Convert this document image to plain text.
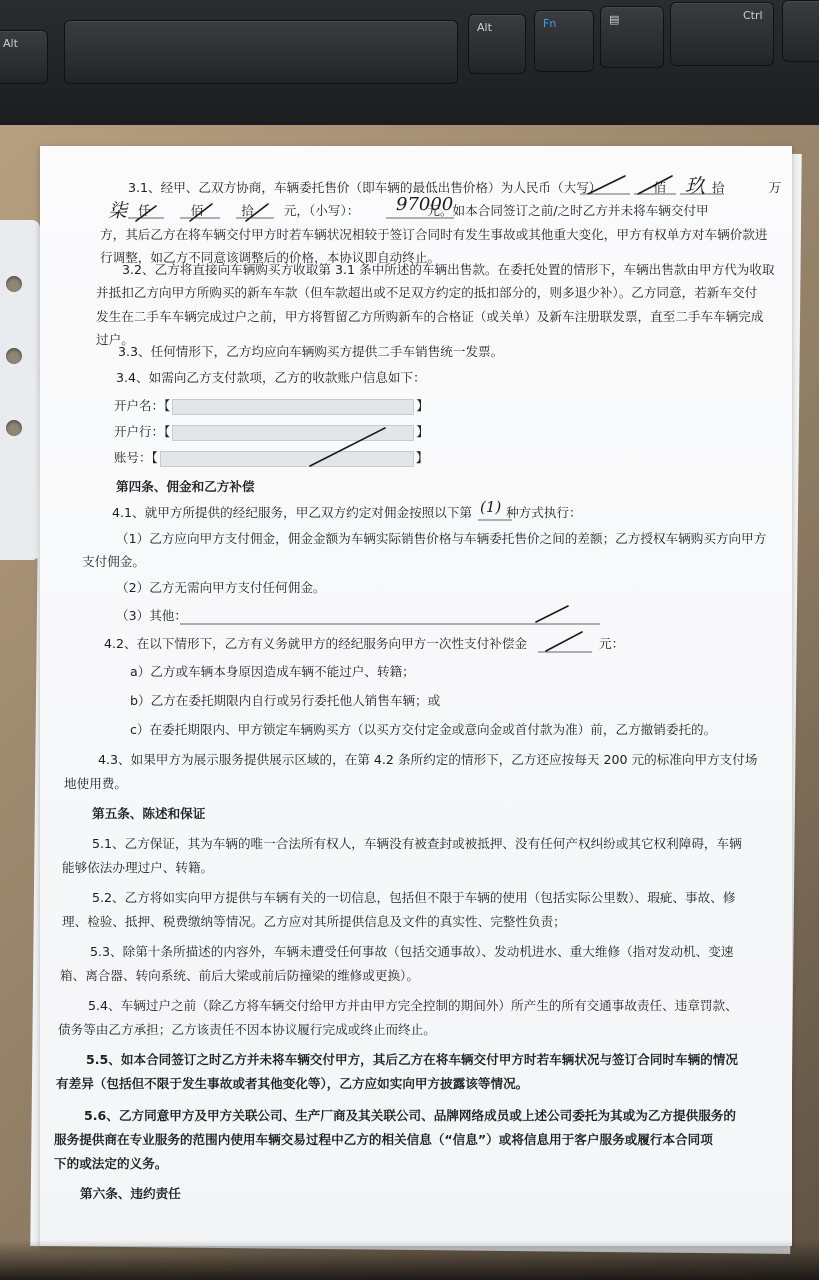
Alt
Alt	Fn	▤	Ctrl
3.1、经甲、乙双方协商，车辆委托售价（即车辆的最低出售价格）为人民币（大写）	佰	拾	万
仟	佰	拾 元，（小写）：	元。如本合同签订之前/之时乙方并未将车辆交付甲
方，其后乙方在将车辆交付甲方时若车辆状况相较于签订合同时有发生事故或其他重大变化，甲方有权单方对车辆价款进
行调整，如乙方不同意该调整后的价格，本协议即自动终止。
玖
柒	97000
3.2、乙方将直接向车辆购买方收取第 3.1 条中所述的车辆出售款。在委托处置的情形下，车辆出售款由甲方代为收取
并抵扣乙方向甲方所购买的新车车款（但车款超出或不足双方约定的抵扣部分的，则多退少补）。乙方同意，若新车交付
发生在二手车车辆完成过户之前，甲方将暂留乙方所购新车的合格证（或关单）及新车注册联发票，直至二手车车辆完成
过户。
3.3、任何情形下，乙方均应向车辆购买方提供二手车销售统一发票。
3.4、如需向乙方支付款项，乙方的收款账户信息如下：
开户名：【	】
开户行：【	】
账号：【	】
第四条、佣金和乙方补偿
4.1、就甲方所提供的经纪服务，甲乙双方约定对佣金按照以下第	种方式执行：
(1)
（1）乙方应向甲方支付佣金，佣金金额为车辆实际销售价格与车辆委托售价之间的差额；乙方授权车辆购买方向甲方
支付佣金。
（2）乙方无需向甲方支付任何佣金。
（3）其他：
4.2、在以下情形下，乙方有义务就甲方的经纪服务向甲方一次性支付补偿金	元：
a）乙方或车辆本身原因造成车辆不能过户、转籍；
b）乙方在委托期限内自行或另行委托他人销售车辆；或
c）在委托期限内、甲方锁定车辆购买方（以买方交付定金或意向金或首付款为准）前，乙方撤销委托的。
4.3、如果甲方为展示服务提供展示区域的，在第 4.2 条所约定的情形下，乙方还应按每天 200 元的标准向甲方支付场
地使用费。
第五条、陈述和保证
5.1、乙方保证，其为车辆的唯一合法所有权人，车辆没有被查封或被抵押、没有任何产权纠纷或其它权利障碍，车辆
能够依法办理过户、转籍。
5.2、乙方将如实向甲方提供与车辆有关的一切信息，包括但不限于车辆的使用（包括实际公里数）、瑕疵、事故、修
理、检验、抵押、税费缴纳等情况。乙方应对其所提供信息及文件的真实性、完整性负责；
5.3、除第十条所描述的内容外，车辆未遭受任何事故（包括交通事故）、发动机进水、重大维修（指对发动机、变速
箱、离合器、转向系统、前后大梁或前后防撞梁的维修或更换）。
5.4、车辆过户之前（除乙方将车辆交付给甲方并由甲方完全控制的期间外）所产生的所有交通事故责任、违章罚款、
债务等由乙方承担；乙方该责任不因本协议履行完成或终止而终止。
5.5、如本合同签订之时乙方并未将车辆交付甲方，其后乙方在将车辆交付甲方时若车辆状况与签订合同时车辆的情况
有差异（包括但不限于发生事故或者其他变化等），乙方应如实向甲方披露该等情况。
5.6、乙方同意甲方及甲方关联公司、生产厂商及其关联公司、品牌网络成员或上述公司委托为其或为乙方提供服务的
服务提供商在专业服务的范围内使用车辆交易过程中乙方的相关信息（“信息”）或将信息用于客户服务或履行本合同项
下的或法定的义务。
第六条、违约责任
